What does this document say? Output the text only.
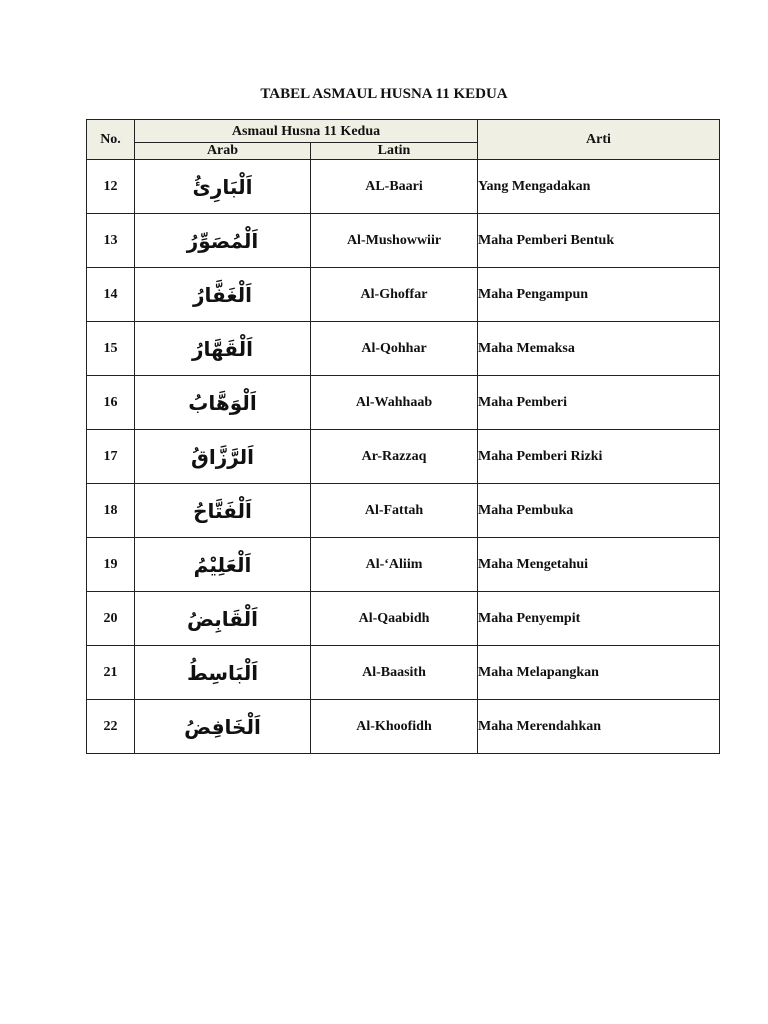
TABEL ASMAUL HUSNA 11 KEDUA
No.	Asmaul Husna 11 Kedua		Arti
	Arab	Latin	
12	اَلْبَارِئُ	AL-Baari	Yang Mengadakan
13	اَلْمُصَوِّرُ	Al-Mushowwiir	Maha Pemberi Bentuk
14	اَلْغَفَّارُ	Al-Ghoffar	Maha Pengampun
15	اَلْقَهَّارُ	Al-Qohhar	Maha Memaksa
16	اَلْوَهَّابُ	Al-Wahhaab	Maha Pemberi
17	اَلرَّزَّاقُ	Ar-Razzaq	Maha Pemberi Rizki
18	اَلْفَتَّاحُ	Al-Fattah	Maha Pembuka
19	اَلْعَلِيْمُ	Al-‘Aliim	Maha Mengetahui
20	اَلْقَابِضُ	Al-Qaabidh	Maha Penyempit
21	اَلْبَاسِطُ	Al-Baasith	Maha Melapangkan
22	اَلْخَافِضُ	Al-Khoofidh	Maha Merendahkan
